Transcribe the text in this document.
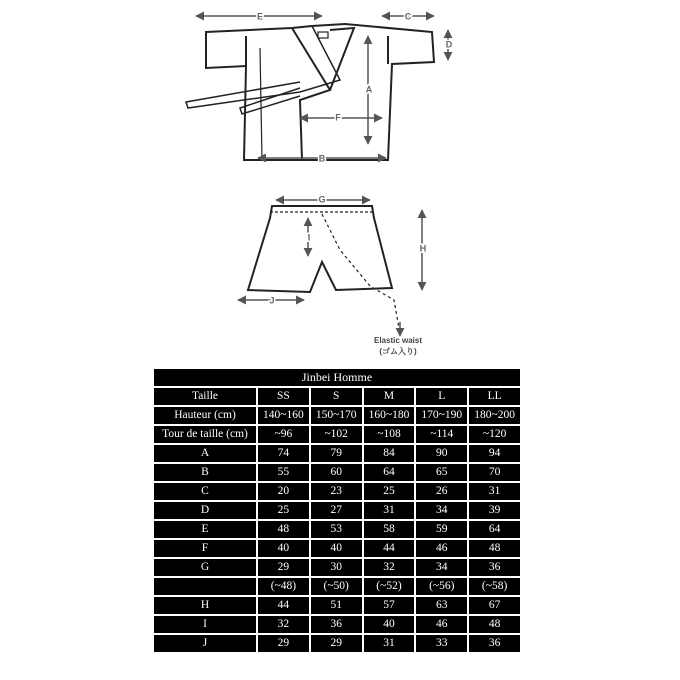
E	C
D
A
F
B
G
I
H
J
Elastic waist
(ゴム入り)
Jinbei Homme					
Taille	SS	S	M	L	LL
Hauteur (cm)	140~160	150~170	160~180	170~190	180~200
Tour de taille (cm)	~96	~102	~108	~114	~120
A	74	79	84	90	94
B	55	60	64	65	70
C	20	23	25	26	31
D	25	27	31	34	39
E	48	53	58	59	64
F	40	40	44	46	48
G	29	30	32	34	36
	(~48)	(~50)	(~52)	(~56)	(~58)
H	44	51	57	63	67
I	32	36	40	46	48
J	29	29	31	33	36
